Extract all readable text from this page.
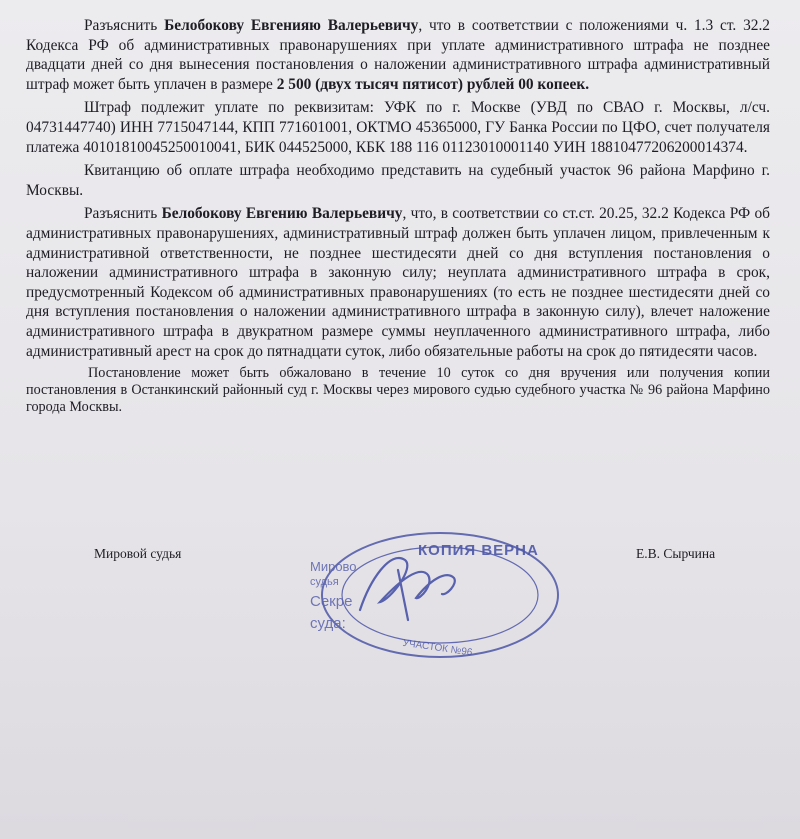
Разъяснить Белобокову Евгенияю Валерьевичу, что в соответствии с положениями ч. 1.3 ст. 32.2 Кодекса РФ об административных правонарушениях при уплате административного штрафа не позднее двадцати дней со дня вынесения постановления о наложении административного штрафа административный штраф может быть уплачен в размере 2 500 (двух тысяч пятисот) рублей 00 копеек.

Штраф подлежит уплате по реквизитам: УФК по г. Москве (УВД по СВАО г. Москвы, л/сч. 04731447740) ИНН 7715047144, КПП 771601001, ОКТМО 45365000, ГУ Банка России по ЦФО, счет получателя платежа 40101810045250010041, БИК 044525000, КБК 188 116 01123010001140 УИН 18810477206200014374.

Квитанцию об оплате штрафа необходимо представить на судебный участок 96 района Марфино г. Москвы.

Разъяснить Белобокову Евгению Валерьевичу, что, в соответствии со ст.ст. 20.25, 32.2 Кодекса РФ об административных правонарушениях, административный штраф должен быть уплачен лицом, привлеченным к административной ответственности, не позднее шестидесяти дней со дня вступления постановления о наложении административного штрафа в законную силу; неуплата административного штрафа в срок, предусмотренный Кодексом об административных правонарушениях (то есть не позднее шестидесяти дней со дня вступления постановления о наложении административного штрафа в законную силу), влечет наложение административного штрафа в двукратном размере суммы неуплаченного административного штрафа, либо административный арест на срок до пятнадцати суток, либо обязательные работы на срок до пятидесяти часов.

Постановление может быть обжаловано в течение 10 суток со дня вручения или получения копии постановления в Останкинский районный суд г. Москвы через мирового судью судебного участка № 96 района Марфино города Москвы.

Мировой судья	Е.В. Сырчина
КОПИЯ ВЕРНА
Мирово
судья
Секре
суда:
УЧАСТОК №96
